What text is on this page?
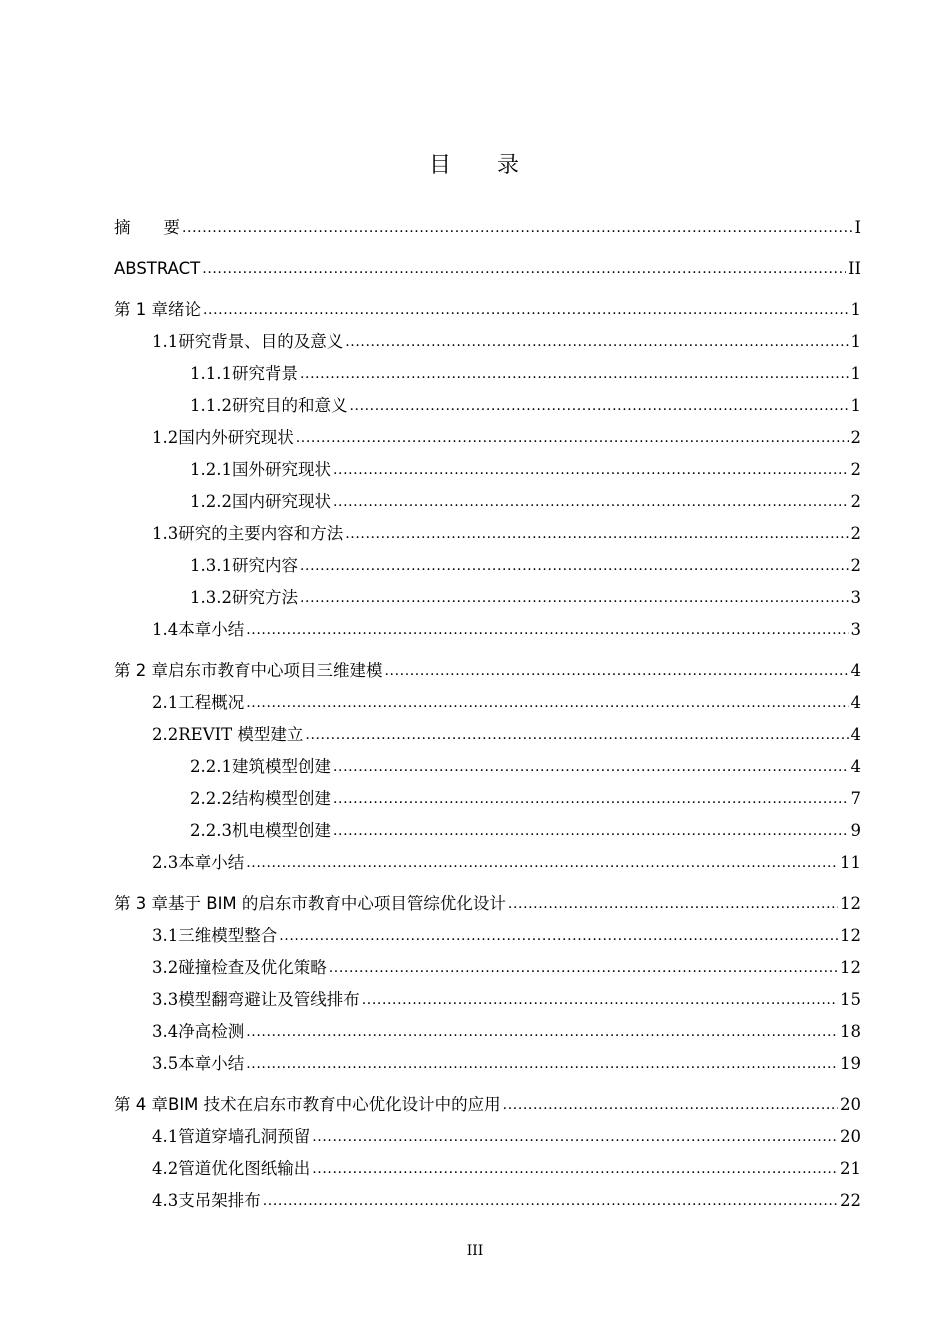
目 录
摘　　要 .....	I
ABSTRACT .....	II
第 1 章 绪论 .....	1
1.1 研究背景、目的及意义 .....	1
1.1.1 研究背景 .....	1
1.1.2 研究目的和意义 .....	1
1.2 国内外研究现状 .....	2
1.2.1 国外研究现状 .....	2
1.2.2 国内研究现状 .....	2
1.3 研究的主要内容和方法 .....	2
1.3.1 研究内容 .....	2
1.3.2 研究方法 .....	3
1.4 本章小结 .....	3
第 2 章 启东市教育中心项目三维建模 .....	4
2.1 工程概况 .....	4
2.2 REVIT 模型建立 .....	4
2.2.1 建筑模型创建 .....	4
2.2.2 结构模型创建 .....	7
2.2.3 机电模型创建 .....	9
2.3 本章小结 .....	11
第 3 章 基于 BIM 的启东市教育中心项目管综优化设计 .....	12
3.1 三维模型整合 .....	12
3.2 碰撞检查及优化策略 .....	12
3.3 模型翻弯避让及管线排布 .....	15
3.4 净高检测 .....	18
3.5 本章小结 .....	19
第 4 章 BIM 技术在启东市教育中心优化设计中的应用 .....	20
4.1 管道穿墙孔洞预留 .....	20
4.2 管道优化图纸输出 .....	21
4.3 支吊架排布 .....	22
III
